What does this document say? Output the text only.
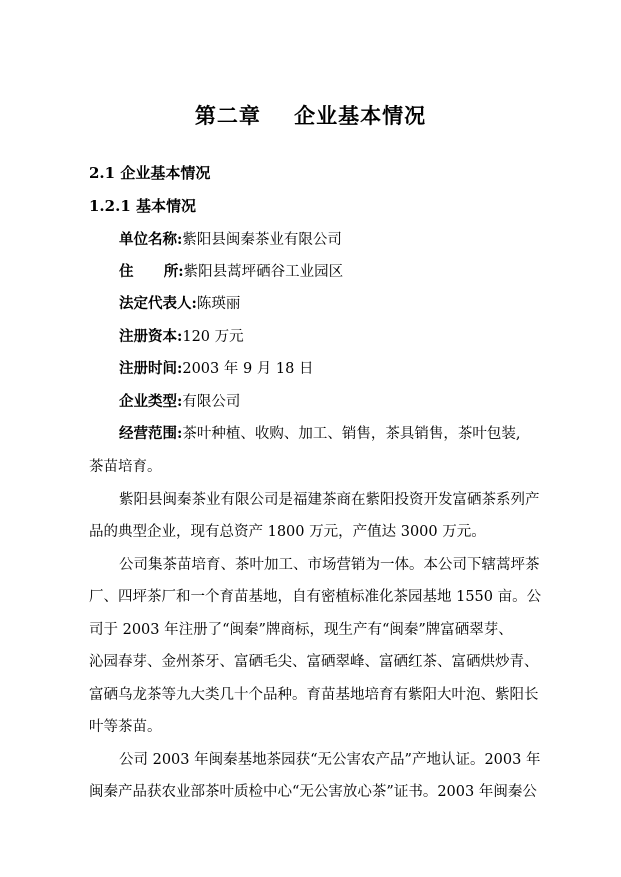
第二章    企业基本情况
2.1 企业基本情况
1.2.1 基本情况
单位名称:紫阳县闽秦茶业有限公司
住      所:紫阳县蒿坪硒谷工业园区
法定代表人:陈瑛丽
注册资本:120 万元
注册时间:2003 年 9 月 18 日
企业类型:有限公司
经营范围:茶叶种植、收购、加工、销售，茶具销售，茶叶包装,
茶苗培育。
紫阳县闽秦茶业有限公司是福建茶商在紫阳投资开发富硒茶系列产
品的典型企业，现有总资产 1800 万元，产值达 3000 万元。
公司集茶苗培育、茶叶加工、市场营销为一体。本公司下辖蒿坪茶
厂、四坪茶厂和一个育苗基地，自有密植标准化茶园基地 1550 亩。公
司于 2003 年注册了“闽秦”牌商标，现生产有“闽秦”牌富硒翠芽、
沁园春芽、金州茶牙、富硒毛尖、富硒翠峰、富硒红茶、富硒烘炒青、
富硒乌龙茶等九大类几十个品种。育苗基地培育有紫阳大叶泡、紫阳长
叶等茶苗。
公司 2003 年闽秦基地茶园获“无公害农产品”产地认证。2003 年
闽秦产品获农业部茶叶质检中心“无公害放心茶”证书。2003 年闽秦公
